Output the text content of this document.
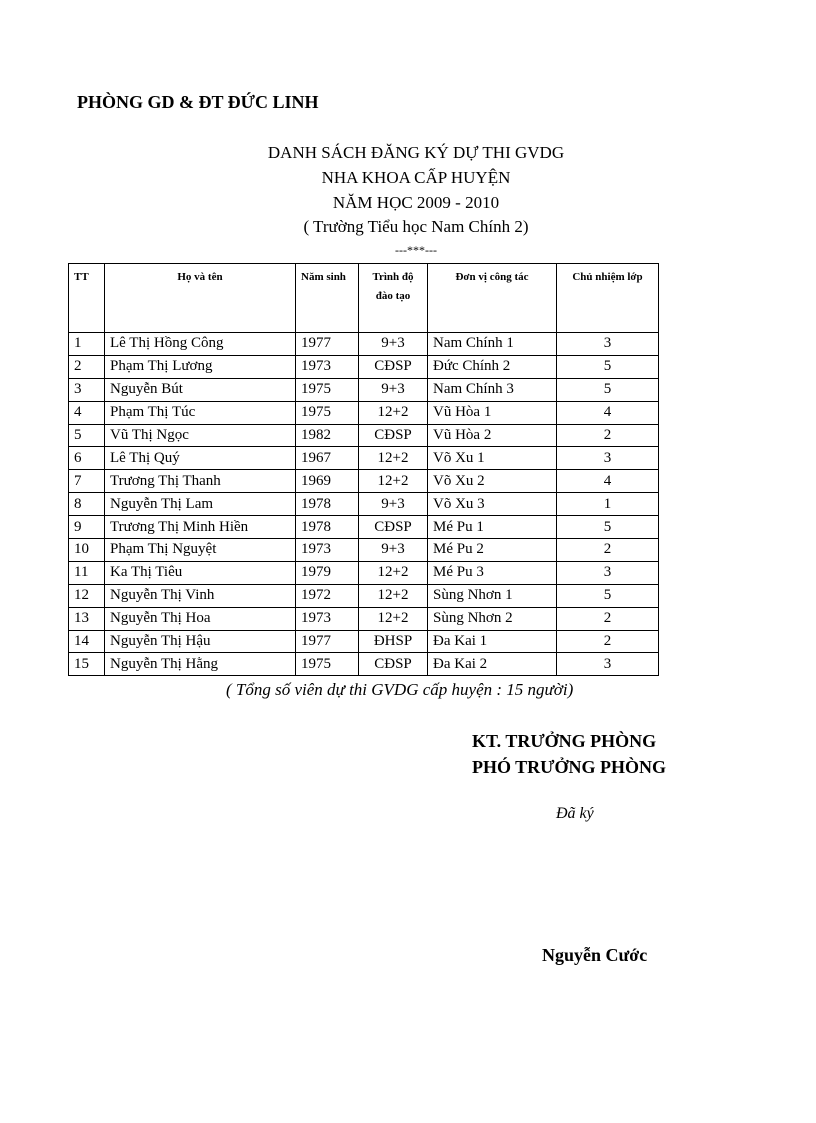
PHÒNG GD & ĐT ĐỨC LINH
DANH SÁCH ĐĂNG KÝ DỰ THI GVDG
NHA KHOA CẤP HUYỆN
NĂM HỌC 2009 - 2010
( Trường Tiểu học Nam Chính 2)
---***---
TT	Họ và tên	Năm sinh	Trình độ đào tạo	Đơn vị công tác	Chủ nhiệm lớp
1	Lê Thị Hồng Công	1977	9+3	Nam Chính 1	3
2	Phạm Thị Lương	1973	CĐSP	Đức Chính 2	5
3	Nguyễn Bút	1975	9+3	Nam Chính 3	5
4	Phạm Thị Túc	1975	12+2	Vũ Hòa 1	4
5	Vũ Thị Ngọc	1982	CĐSP	Vũ Hòa 2	2
6	Lê Thị Quý	1967	12+2	Võ Xu 1	3
7	Trương Thị Thanh	1969	12+2	Võ Xu 2	4
8	Nguyễn Thị Lam	1978	9+3	Võ Xu 3	1
9	Trương Thị Minh Hiền	1978	CĐSP	Mé Pu 1	5
10	Phạm Thị Nguyệt	1973	9+3	Mé Pu 2	2
11	Ka Thị Tiêu	1979	12+2	Mé Pu 3	3
12	Nguyễn Thị Vinh	1972	12+2	Sùng Nhơn 1	5
13	Nguyễn Thị Hoa	1973	12+2	Sùng Nhơn 2	2
14	Nguyễn Thị Hậu	1977	ĐHSP	Đa Kai 1	2
15	Nguyễn Thị Hằng	1975	CĐSP	Đa Kai 2	3
( Tổng số viên dự thi GVDG cấp huyện : 15 người)
KT. TRƯỞNG PHÒNG
PHÓ TRƯỞNG PHÒNG
Đã ký
Nguyễn Cước
